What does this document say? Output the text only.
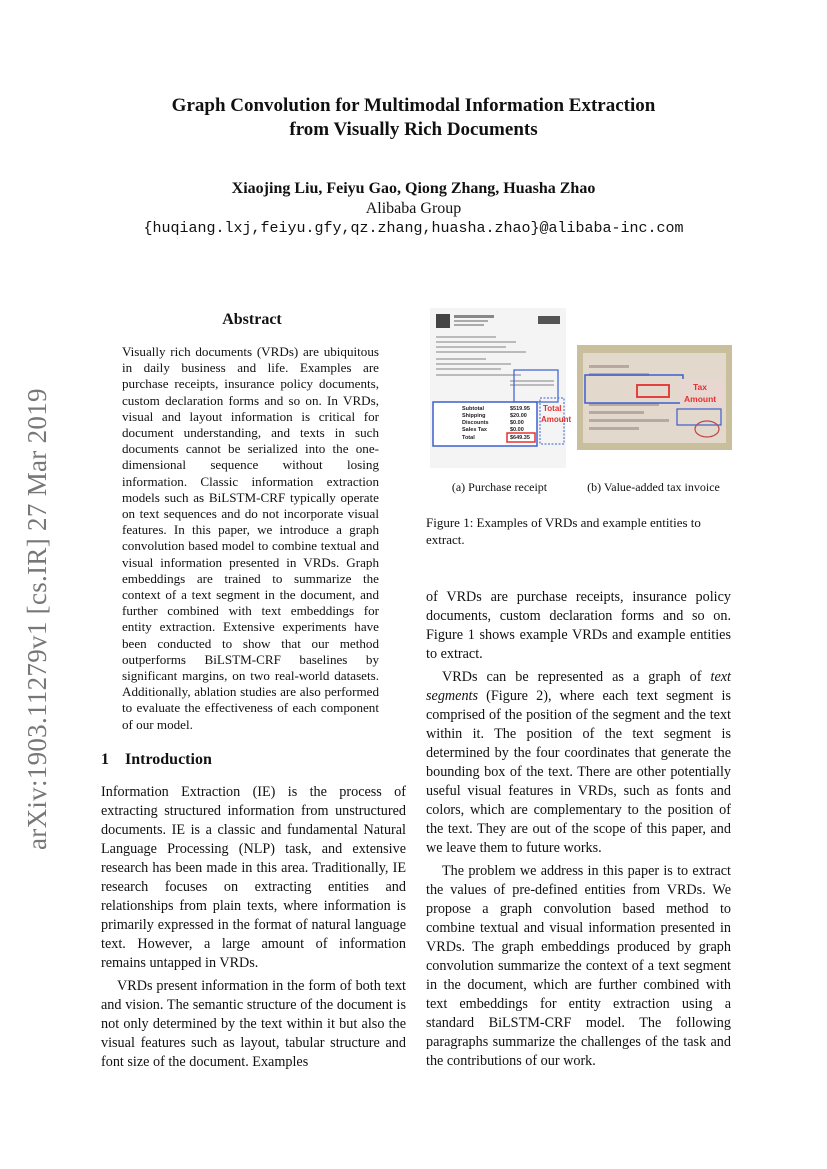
Graph Convolution for Multimodal Information Extraction
from Visually Rich Documents
Xiaojing Liu, Feiyu Gao, Qiong Zhang, Huasha Zhao
Alibaba Group
{huqiang.lxj,feiyu.gfy,qz.zhang,huasha.zhao}@alibaba-inc.com
arXiv:1903.11279v1 [cs.IR] 27 Mar 2019
Abstract
Visually rich documents (VRDs) are ubiquitous in daily business and life. Examples are purchase receipts, insurance policy documents, custom declaration forms and so on. In VRDs, visual and layout information is critical for document understanding, and texts in such documents cannot be serialized into the one-dimensional sequence without losing information. Classic information extraction models such as BiLSTM-CRF typically operate on text sequences and do not incorporate visual features. In this paper, we introduce a graph convolution based model to combine textual and visual information presented in VRDs. Graph embeddings are trained to summarize the context of a text segment in the document, and further combined with text embeddings for entity extraction. Extensive experiments have been conducted to show that our method outperforms BiLSTM-CRF baselines by significant margins, on two real-world datasets. Additionally, ablation studies are also performed to evaluate the effectiveness of each component of our model.
1 Introduction

Information Extraction (IE) is the process of extracting structured information from unstructured documents. IE is a classic and fundamental Natural Language Processing (NLP) task, and extensive research has been made in this area. Traditionally, IE research focuses on extracting entities and relationships from plain texts, where information is primarily expressed in the format of natural language text. However, a large amount of information remains untapped in VRDs.

VRDs present information in the form of both text and vision. The semantic structure of the document is not only determined by the text within it but also the visual features such as layout, tabular structure and font size of the document. Examples

Subtotal	$519.95
Shipping	$20.00
Discounts	$0.00
Sales Tax	$0.00
Total	$649.35
Total
Amount
Tax
Amount
(a) Purchase receipt	(b) Value-added tax invoice
Figure 1: Examples of VRDs and example entities to extract.

of VRDs are purchase receipts, insurance policy documents, custom declaration forms and so on. Figure 1 shows example VRDs and example entities to extract.

VRDs can be represented as a graph of text segments (Figure 2), where each text segment is comprised of the position of the segment and the text within it. The position of the text segment is determined by the four coordinates that generate the bounding box of the text. There are other potentially useful visual features in VRDs, such as fonts and colors, which are complementary to the position of the text. They are out of the scope of this paper, and we leave them to future works.

The problem we address in this paper is to extract the values of pre-defined entities from VRDs. We propose a graph convolution based method to combine textual and visual information presented in VRDs. The graph embeddings produced by graph convolution summarize the context of a text segment in the document, which are further combined with text embeddings for entity extraction using a standard BiLSTM-CRF model. The following paragraphs summarize the challenges of the task and the contributions of our work.
